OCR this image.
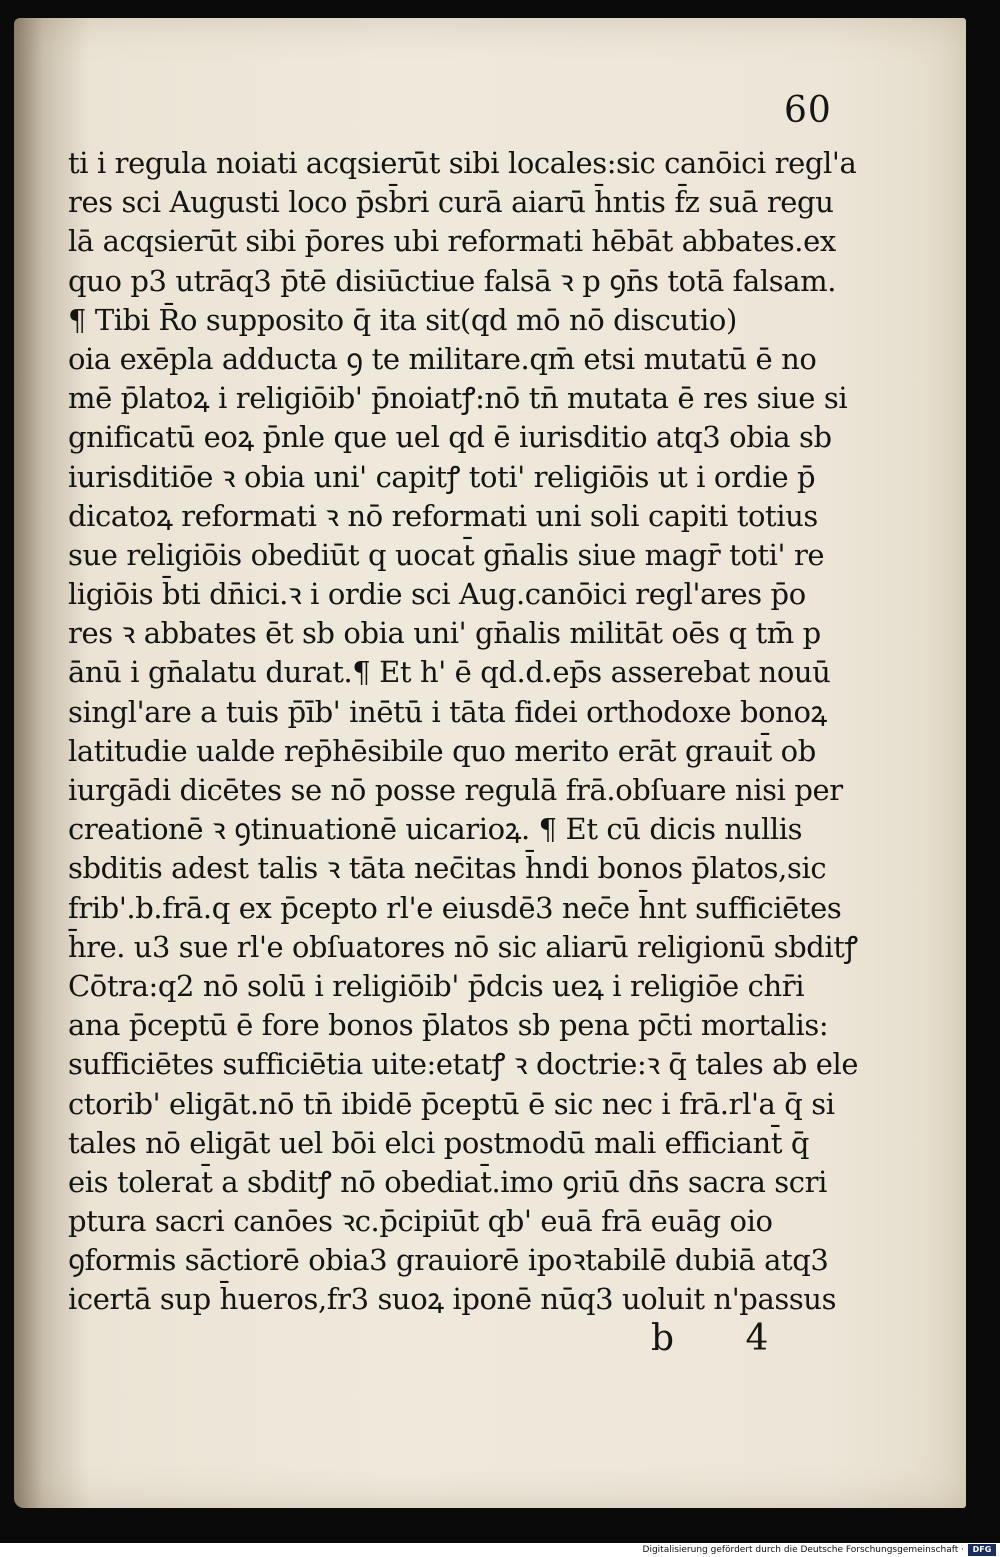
60
ti i regula noiati acqsierūt sibi locales:sic canōici regl'a
res sci Augusti loco p̄sb̄ri curā aiarū h̄ntis f̄z suā regu
lā acqsierūt sibi p̄ores ubi reformati hēbāt abbates.ex
quo p3 utrāq3 p̄tē disiūctiue falsā ꝛ p ꝯn̄s totā falsam.
¶ Tibi R̄o supposito q̄ ita sit(qd mō nō discutio)
oia exēpla adducta ꝯ te militare.qm̄ etsi mutatū ē no
mē p̄latoꝝ i religiōib' p̄noiatꝭ:nō tn̄ mutata ē res siue si
gnificatū eoꝝ p̄nle que uel qd ē iurisditio atq3 obia sb
iurisditiōe ꝛ obia uni' capitꝭ toti' religiōis ut i ordie p̄
dicatoꝝ reformati ꝛ nō reformati uni soli capiti totius
sue religiōis obediūt q uocat̄ gn̄alis siue magr̄ toti' re
ligiōis b̄ti dn̄ici.ꝛ i ordie sci Aug.canōici regl'ares p̄o
res ꝛ abbates ēt sb obia uni' gn̄alis militāt oēs q tm̄ p
ānū i gn̄alatu durat.¶ Et h' ē qd.d.ep̄s asserebat nouū
singl'are a tuis p̄īb' inētū i tāta fidei orthodoxe bonoꝝ
latitudie ualde rep̄hēsibile quo merito erāt grauit̄ ob
iurgādi dicētes se nō posse regulā frā.obſuare nisi per
creationē ꝛ ꝯtinuationē uicarioꝝ. ¶ Et cū dicis nullis
sbditis adest talis ꝛ tāta nec̄itas h̄ndi bonos p̄latos,sic
frib'.b.frā.q ex p̄cepto rl'e eiusdē3 nec̄e h̄nt sufficiētes
h̄re. u3 sue rl'e obſuatores nō sic aliarū religionū sbditꝭ
Cōtra:q2 nō solū i religiōib' p̄dcis ueꝝ i religiōe chr̄i
ana p̄ceptū ē fore bonos p̄latos sb pena pc̄ti mortalis:
sufficiētes sufficiētia uite:etatꝭ ꝛ doctrie:ꝛ q̄ tales ab ele
ctorib' eligāt.nō tn̄ ibidē p̄ceptū ē sic nec i frā.rl'a q̄ si
tales nō eligāt uel bōi elci postmodū mali efficiant̄ q̄
eis tolerat̄ a sbditꝭ nō obediat̄.imo ꝯriū dn̄s sacra scri
ptura sacri canōes ꝛc.p̄cipiūt qb' euā frā euāg oio
ꝯformis sāctiorē obia3 grauiorē ipoꝛtabilē dubiā atq3
icertā sup h̄ueros,fr3 suoꝝ iponē nūq3 uoluit n'passus
b 4
Digitalisierung gefördert durch die Deutsche Forschungsgemeinschaft ·	DFG
